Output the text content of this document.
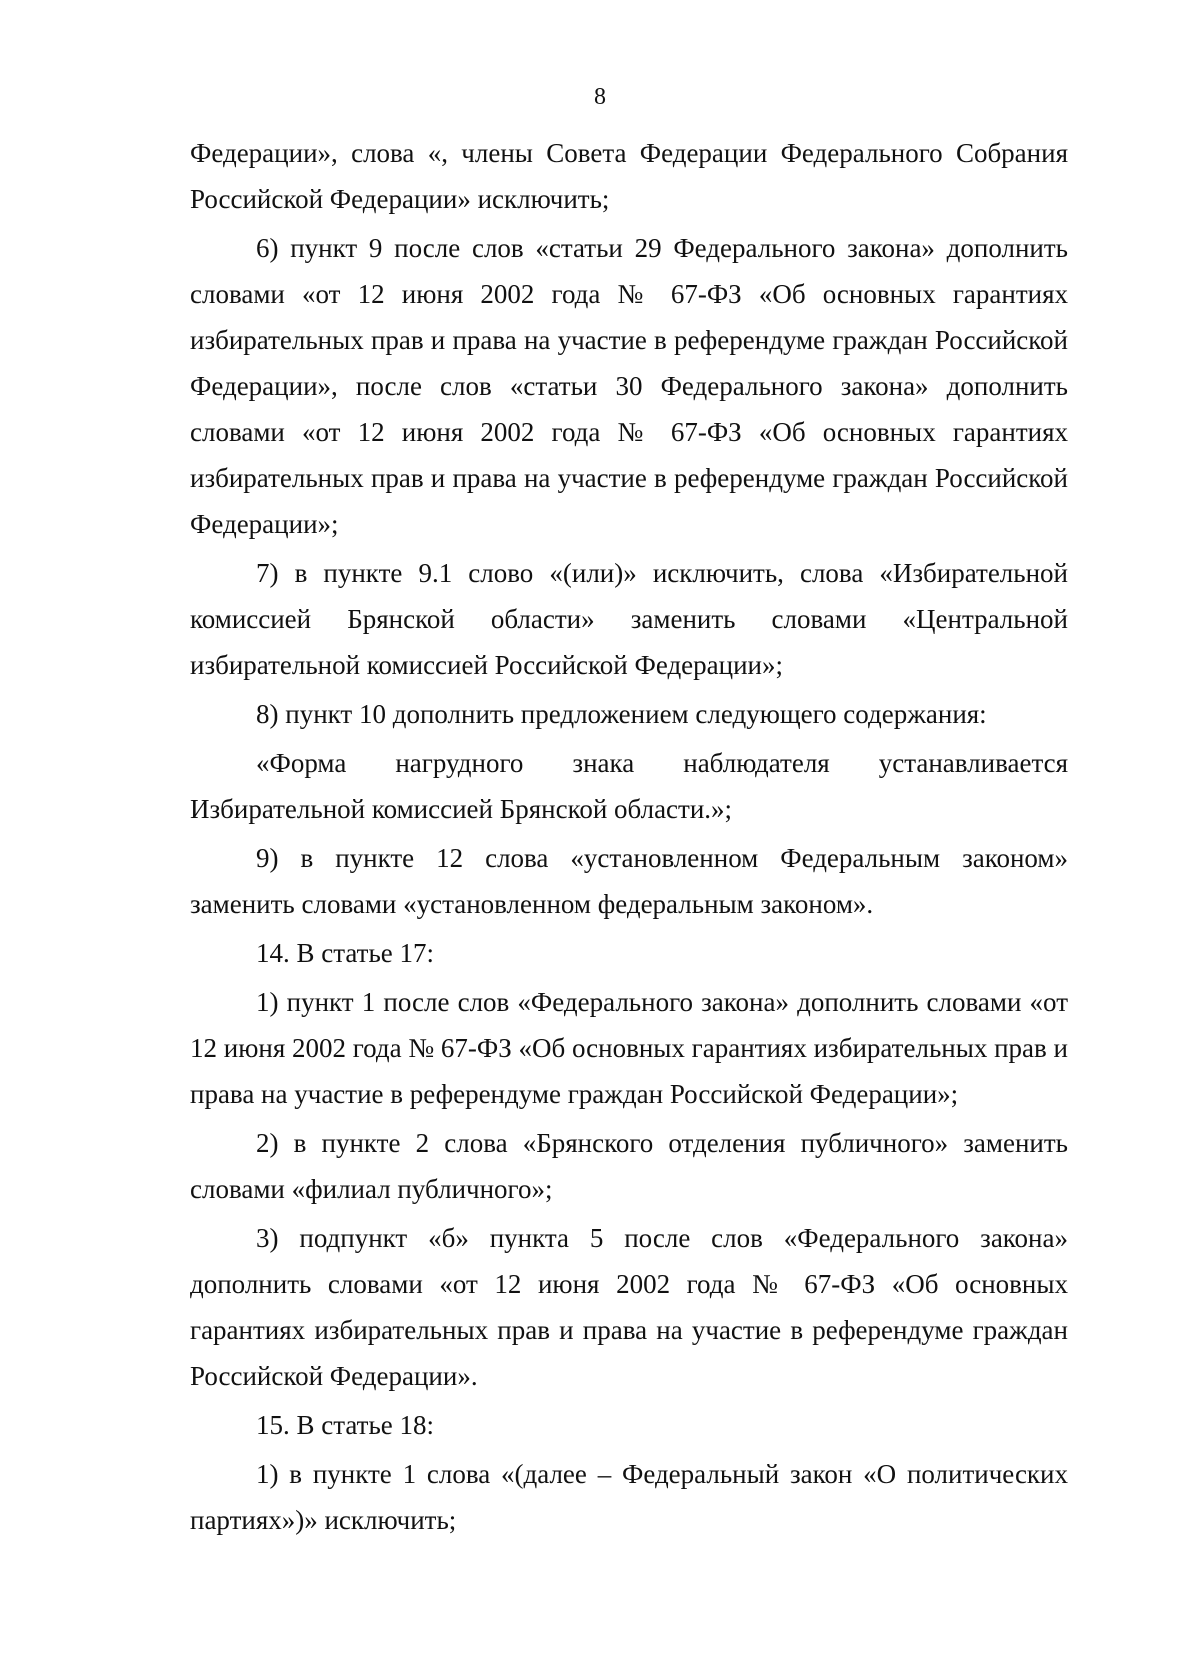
8

Федерации», слова «, члены Совета Федерации Федерального Собрания Российской Федерации» исключить;

6) пункт 9 после слов «статьи 29 Федерального закона» дополнить словами «от 12 июня 2002 года № 67-ФЗ «Об основных гарантиях избирательных прав и права на участие в референдуме граждан Российской Федерации», после слов «статьи 30 Федерального закона» дополнить словами «от 12 июня 2002 года № 67-ФЗ «Об основных гарантиях избирательных прав и права на участие в референдуме граждан Российской Федерации»;

7) в пункте 9.1 слово «(или)» исключить, слова «Избирательной комиссией Брянской области» заменить словами «Центральной избирательной комиссией Российской Федерации»;

8) пункт 10 дополнить предложением следующего содержания:

«Форма нагрудного знака наблюдателя устанавливается Избирательной комиссией Брянской области.»;

9) в пункте 12 слова «установленном Федеральным законом» заменить словами «установленном федеральным законом».

14. В статье 17:

1) пункт 1 после слов «Федерального закона» дополнить словами «от 12 июня 2002 года № 67-ФЗ «Об основных гарантиях избирательных прав и права на участие в референдуме граждан Российской Федерации»;

2) в пункте 2 слова «Брянского отделения публичного» заменить словами «филиал публичного»;

3) подпункт «б» пункта 5 после слов «Федерального закона» дополнить словами «от 12 июня 2002 года № 67-ФЗ «Об основных гарантиях избирательных прав и права на участие в референдуме граждан Российской Федерации».

15. В статье 18:

1) в пункте 1 слова «(далее – Федеральный закон «О политических партиях»)» исключить;
